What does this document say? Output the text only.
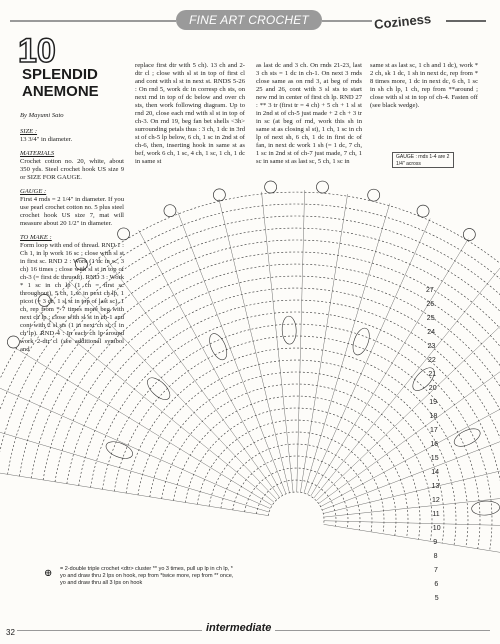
FINE ART CROCHET	Coziness
10
SPLENDID ANEMONE
By Mayumi Sato
SIZE :

13 3/4" in diameter.

MATERIALS

Crochet cotton no. 20, white, about 350 yds. Steel crochet hook US size 9 or SIZE FOR GAUGE.

GAUGE :

First 4 rnds = 2 1/4" in diameter. If you use pearl crochet cotton no. 5 plus steel crochet hook US size 7, mat will measure about 20 1/2" in diameter.

TO MAKE :

Form loop with end of thread. RND 1 : Ch 1, in lp work 16 sc ; close with sl st in first sc. RND 2 : Work (1 dc in sc, 3 ch) 16 times ; close with sl st in top of ch-3 (= first dc thruout). RND 3 : Work * 1 sc in ch lp (1 ch = first sc throughout), 5 ch, 1 sc in next ch lp, 1 picot (= 3 ch, 1 sl st in top of last sc), 1 ch, rep from * 7 times more beg with next ch lp ; close with sl st in ch-1 and cont with 2 sl sts (1 in next ch st, 1 in ch lp). RND 4 : In each ch lp around work 2-dtr cl (see additional symbol and

replace first dtr with 5 ch). 13 ch and 2-dtr cl ; close with sl st in top of first cl and cont with sl st in next st. RNDS 5-26 : On rnd 5, work dc in corresp ch sts, on next rnd in top of dc below and over ch sts, then work following diagram. Up to rnd 20, close each rnd with sl st in top of ch-3. On rnd 19, beg fan bet shells <3h> surrounding petals thus : 3 ch, 1 dc in 3rd st of ch-5 lp below, 6 ch, 1 sc in 2nd st of ch-6, then, inserting hook in same st as bef, work 6 ch, 1 sc, 4 ch, 1 sc, 1 ch, 1 dc in same st
as last dc and 3 ch. On rnds 21-23, last 3 ch sts = 1 dc in ch-1. On next 3 rnds close same as on rnd 3, at beg of rnds 25 and 26, cont with 3 sl sts to start new rnd in center of first ch lp. RND 27 : ** 3 tr (first tr = 4 ch) + 5 ch + 1 sl st in 2nd st of ch-5 just made + 2 ch + 3 tr in sc (at beg of rnd, work this sh in same st as closing sl st), 1 ch, 1 sc in ch lp of next sh, 6 ch, 1 dc in first dc of fan, in next dc work 1 sh (= 1 dc, 7 ch, 1 sc in 2nd st of ch-7 just made, 7 ch, 1 sc in same st as last sc, 5 ch, 1 sc in
same st as last sc, 1 ch and 1 dc), work * 2 ch, sk 1 dc, 1 sh in next dc, rep from * 8 times more, 1 dc in next dc, 6 ch, 1 sc in sh ch lp, 1 ch, rep from **around ; close with sl st in top of ch-4. Fasten off (see black wedge).
GAUGE : rnds 1-4 are 2 1/4" across
27
26
25
24
23
22
21
20
19
18
17
16
15
14
13
12
11
10
9
8
7
6
5
⊕ = 2-double triple crochet <dtr> cluster ** yo 3 times, pull up lp in ch lp, * yo and draw thru 2 lps on hook, rep from *twice more, rep from ** once, yo and draw thru all 3 lps on hook
32	intermediate
